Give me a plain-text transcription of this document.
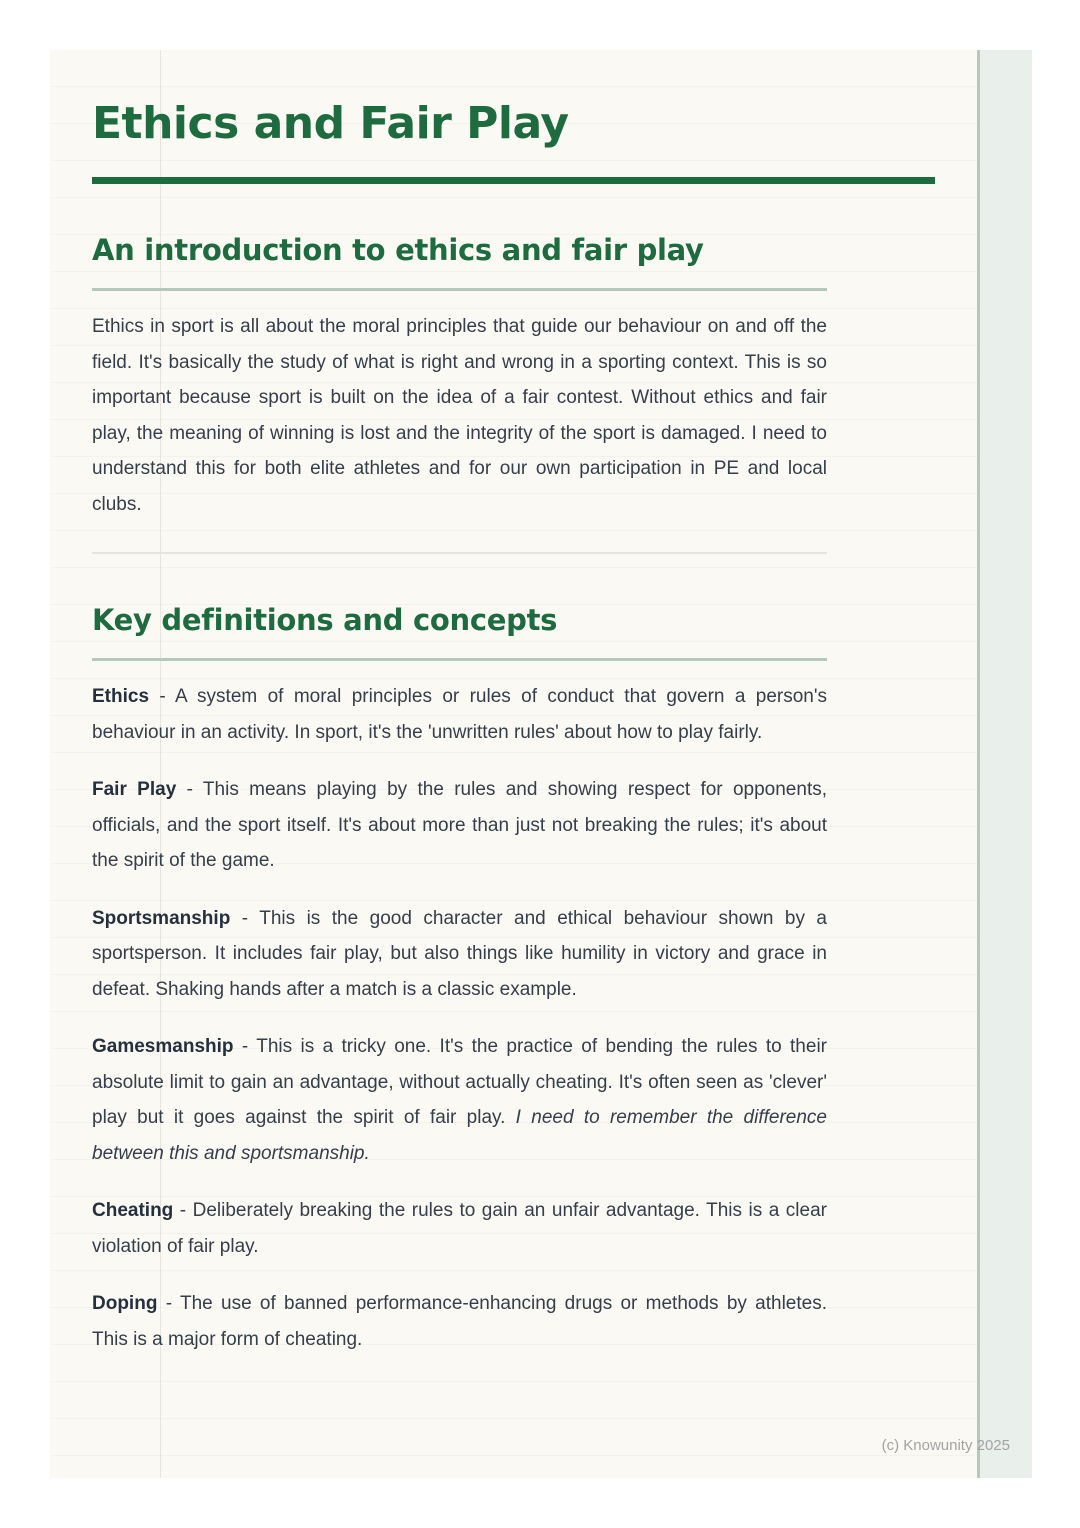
Ethics and Fair Play
An introduction to ethics and fair play

Ethics in sport is all about the moral principles that guide our behaviour on and off the field. It's basically the study of what is right and wrong in a sporting context. This is so important because sport is built on the idea of a fair contest. Without ethics and fair play, the meaning of winning is lost and the integrity of the sport is damaged. I need to understand this for both elite athletes and for our own participation in PE and local clubs.

Key definitions and concepts

Ethics - A system of moral principles or rules of conduct that govern a person's behaviour in an activity. In sport, it's the 'unwritten rules' about how to play fairly.

Fair Play - This means playing by the rules and showing respect for opponents, officials, and the sport itself. It's about more than just not breaking the rules; it's about the spirit of the game.

Sportsmanship - This is the good character and ethical behaviour shown by a sportsperson. It includes fair play, but also things like humility in victory and grace in defeat. Shaking hands after a match is a classic example.

Gamesmanship - This is a tricky one. It's the practice of bending the rules to their absolute limit to gain an advantage, without actually cheating. It's often seen as 'clever' play but it goes against the spirit of fair play. I need to remember the difference between this and sportsmanship.

Cheating - Deliberately breaking the rules to gain an unfair advantage. This is a clear violation of fair play.

Doping - The use of banned performance-enhancing drugs or methods by athletes. This is a major form of cheating.

(c) Knowunity 2025
